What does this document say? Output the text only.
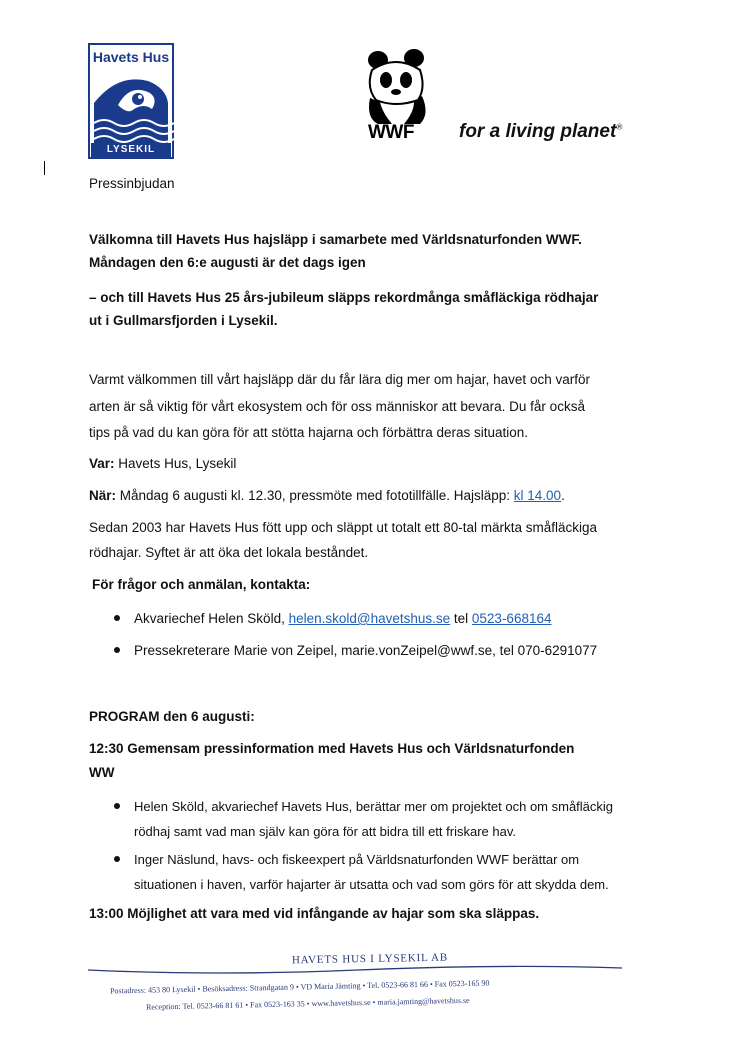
Havets Hus
LYSEKIL
WWF for a living planet®
Pressinbjudan
Välkomna till Havets Hus hajsläpp i samarbete med Världsnaturfonden WWF.
Måndagen den 6:e augusti är det dags igen
– och till Havets Hus 25 års-jubileum släpps rekordmånga småfläckiga rödhajar
ut i Gullmarsfjorden i Lysekil.
Varmt välkommen till vårt hajsläpp där du får lära dig mer om hajar, havet och varför
arten är så viktig för vårt ekosystem och för oss människor att bevara. Du får också
tips på vad du kan göra för att stötta hajarna och förbättra deras situation.
Var: Havets Hus, Lysekil
När: Måndag 6 augusti kl. 12.30, pressmöte med fototillfälle. Hajsläpp: kl 14.00.
Sedan 2003 har Havets Hus fött upp och släppt ut totalt ett 80-tal märkta småfläckiga
rödhajar. Syftet är att öka det lokala beståndet.
För frågor och anmälan, kontakta:
Akvariechef Helen Sköld, helen.skold@havetshus.se tel 0523-668164
Pressekreterare Marie von Zeipel, marie.vonZeipel@wwf.se, tel 070-6291077
PROGRAM den 6 augusti:
12:30 Gemensam pressinformation med Havets Hus och Världsnaturfonden
WW
Helen Sköld, akvariechef Havets Hus, berättar mer om projektet och om småfläckig
rödhaj samt vad man själv kan göra för att bidra till ett friskare hav.
Inger Näslund, havs- och fiskeexpert på Världsnaturfonden WWF berättar om
situationen i haven, varför hajarter är utsatta och vad som görs för att skydda dem.
13:00 Möjlighet att vara med vid infångande av hajar som ska släppas.
HAVETS HUS I LYSEKIL AB
Postadress: 453 80 Lysekil • Besöksadress: Strandgatan 9 • VD Maria Jämting • Tel. 0523-66 81 66 • Fax 0523-165 90
Reception: Tel. 0523-66 81 61 • Fax 0523-163 35 • www.havetshus.se • maria.jamting@havetshus.se
